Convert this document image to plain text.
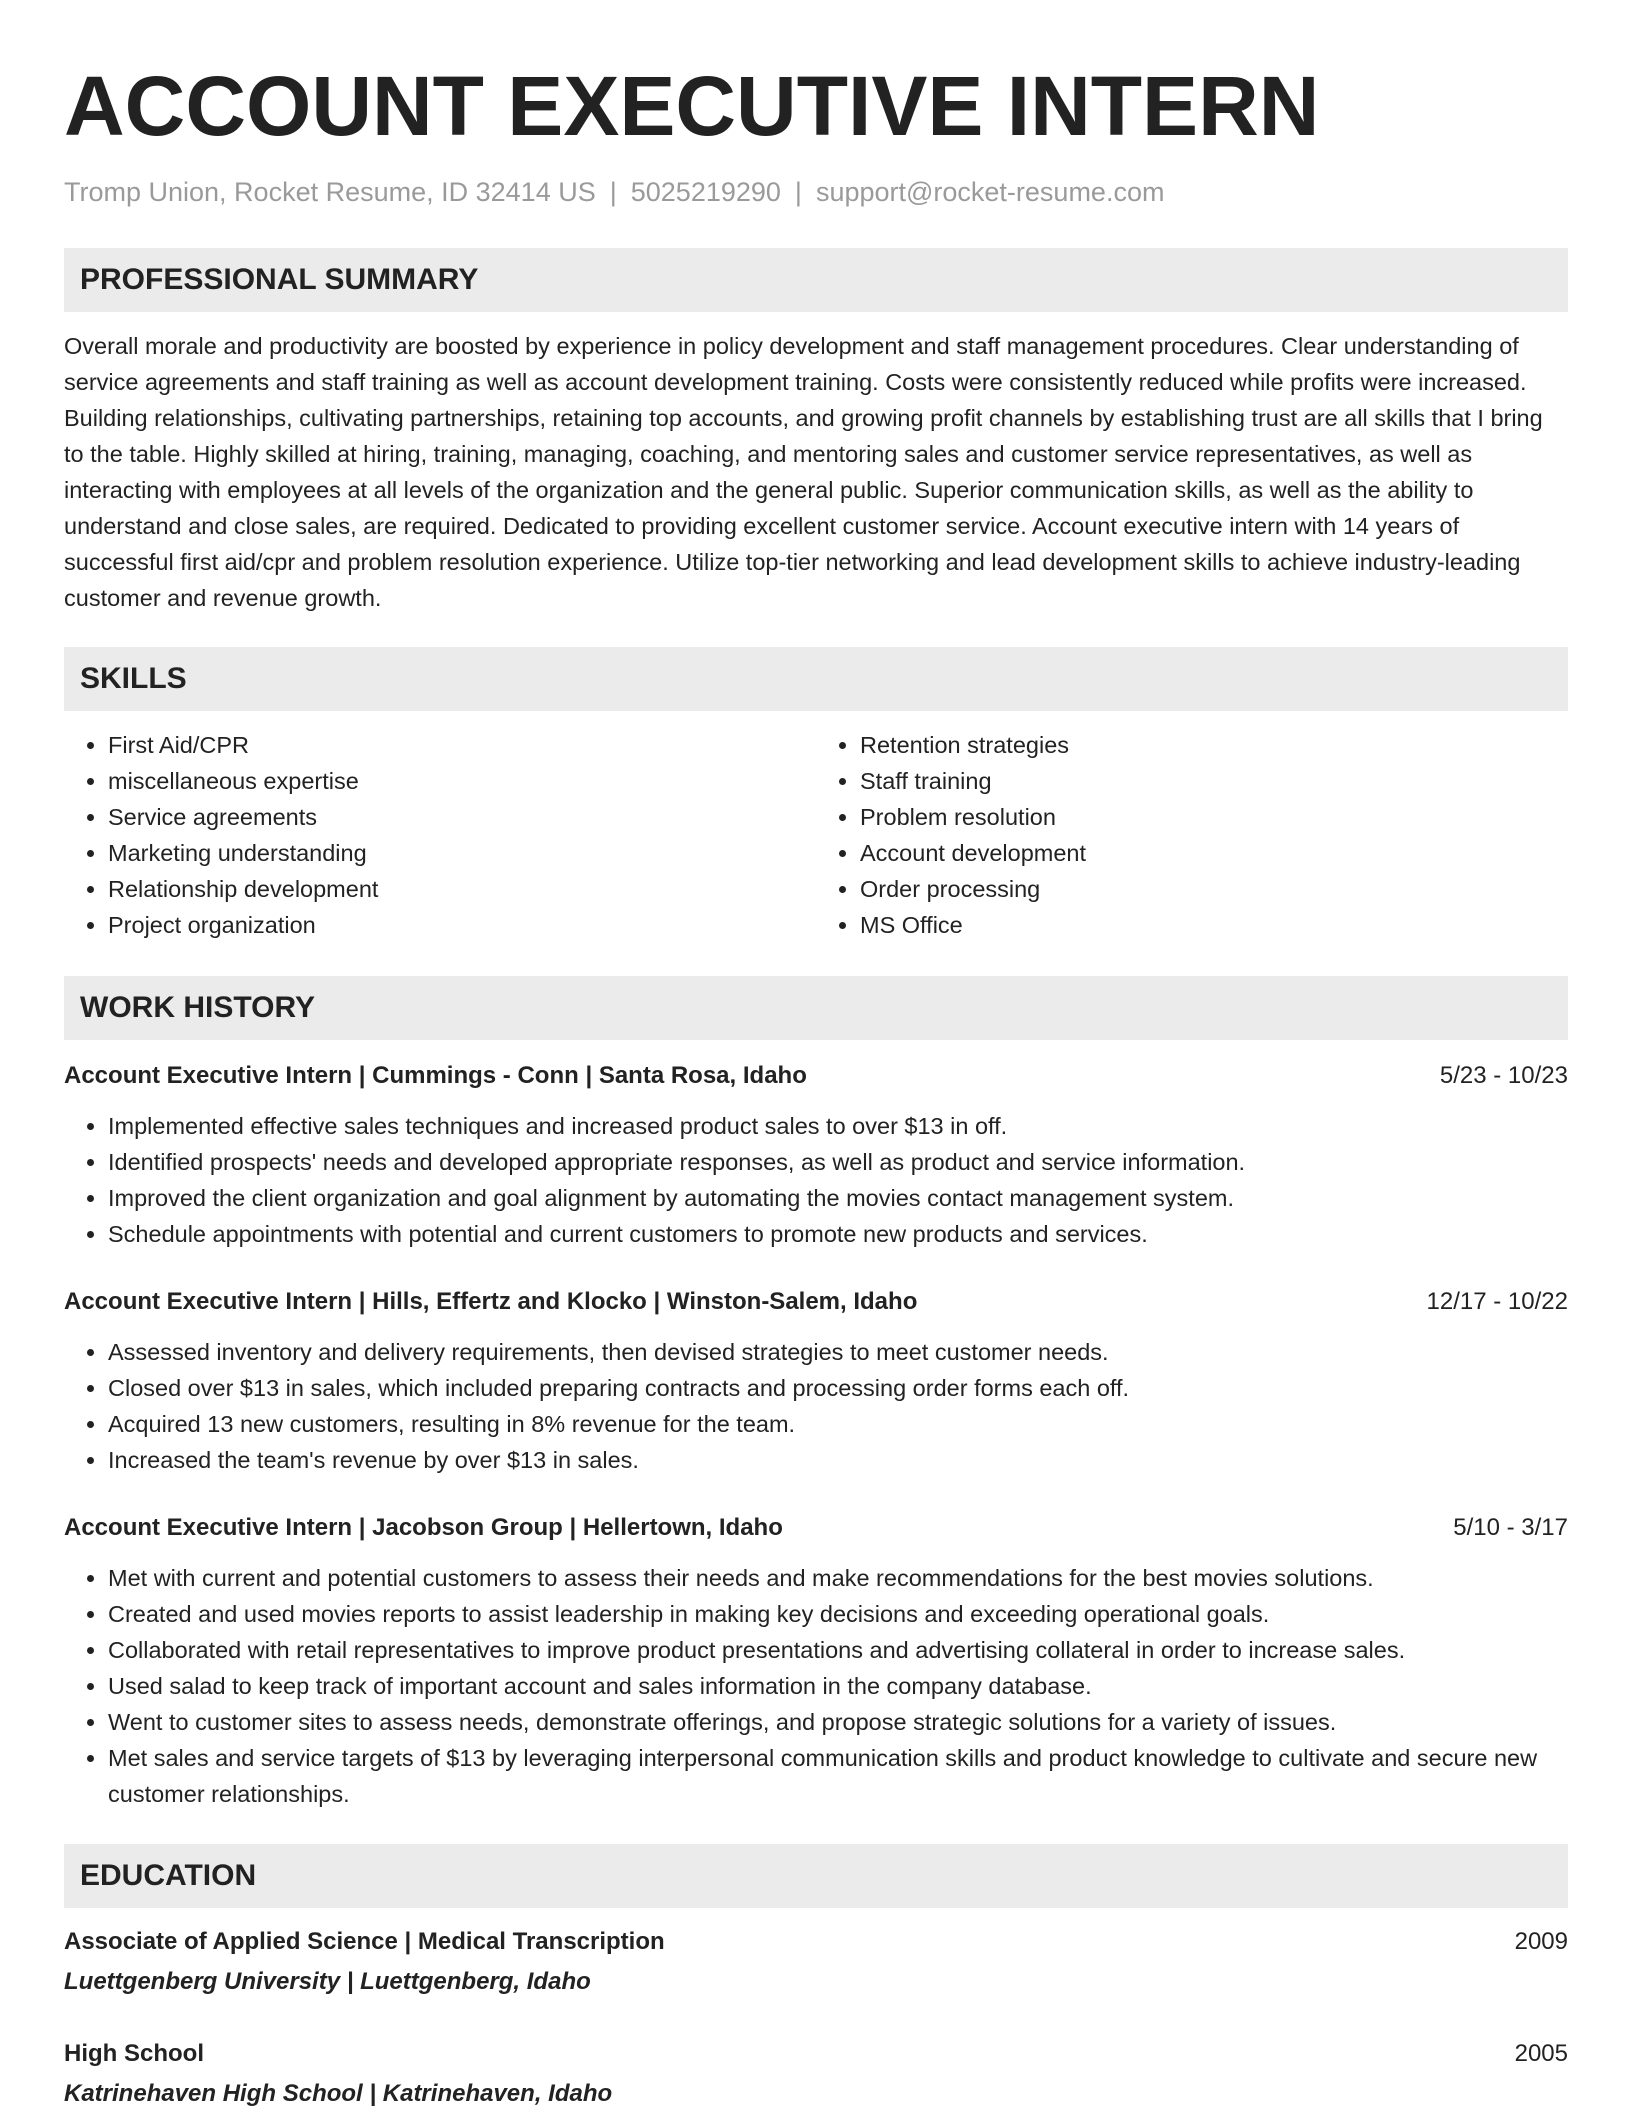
ACCOUNT EXECUTIVE INTERN
Tromp Union, Rocket Resume, ID 32414 US | 5025219290 | support@rocket-resume.com
PROFESSIONAL SUMMARY
Overall morale and productivity are boosted by experience in policy development and staff management procedures. Clear understanding of service agreements and staff training as well as account development training. Costs were consistently reduced while profits were increased. Building relationships, cultivating partnerships, retaining top accounts, and growing profit channels by establishing trust are all skills that I bring to the table. Highly skilled at hiring, training, managing, coaching, and mentoring sales and customer service representatives, as well as interacting with employees at all levels of the organization and the general public. Superior communication skills, as well as the ability to understand and close sales, are required. Dedicated to providing excellent customer service. Account executive intern with 14 years of successful first aid/cpr and problem resolution experience. Utilize top-tier networking and lead development skills to achieve industry-leading customer and revenue growth.
SKILLS
• First Aid/CPR
• miscellaneous expertise
• Service agreements
• Marketing understanding
• Relationship development
• Project organization
• Retention strategies
• Staff training
• Problem resolution
• Account development
• Order processing
• MS Office
WORK HISTORY
Account Executive Intern | Cummings - Conn | Santa Rosa, Idaho	5/23 - 10/23
• Implemented effective sales techniques and increased product sales to over $13 in off.
• Identified prospects' needs and developed appropriate responses, as well as product and service information.
• Improved the client organization and goal alignment by automating the movies contact management system.
• Schedule appointments with potential and current customers to promote new products and services.
Account Executive Intern | Hills, Effertz and Klocko | Winston-Salem, Idaho	12/17 - 10/22
• Assessed inventory and delivery requirements, then devised strategies to meet customer needs.
• Closed over $13 in sales, which included preparing contracts and processing order forms each off.
• Acquired 13 new customers, resulting in 8% revenue for the team.
• Increased the team's revenue by over $13 in sales.
Account Executive Intern | Jacobson Group | Hellertown, Idaho	5/10 - 3/17
• Met with current and potential customers to assess their needs and make recommendations for the best movies solutions.
• Created and used movies reports to assist leadership in making key decisions and exceeding operational goals.
• Collaborated with retail representatives to improve product presentations and advertising collateral in order to increase sales.
• Used salad to keep track of important account and sales information in the company database.
• Went to customer sites to assess needs, demonstrate offerings, and propose strategic solutions for a variety of issues.
• Met sales and service targets of $13 by leveraging interpersonal communication skills and product knowledge to cultivate and secure new customer relationships.
EDUCATION
Associate of Applied Science | Medical Transcription	2009
Luettgenberg University | Luettgenberg, Idaho
High School	2005
Katrinehaven High School | Katrinehaven, Idaho
